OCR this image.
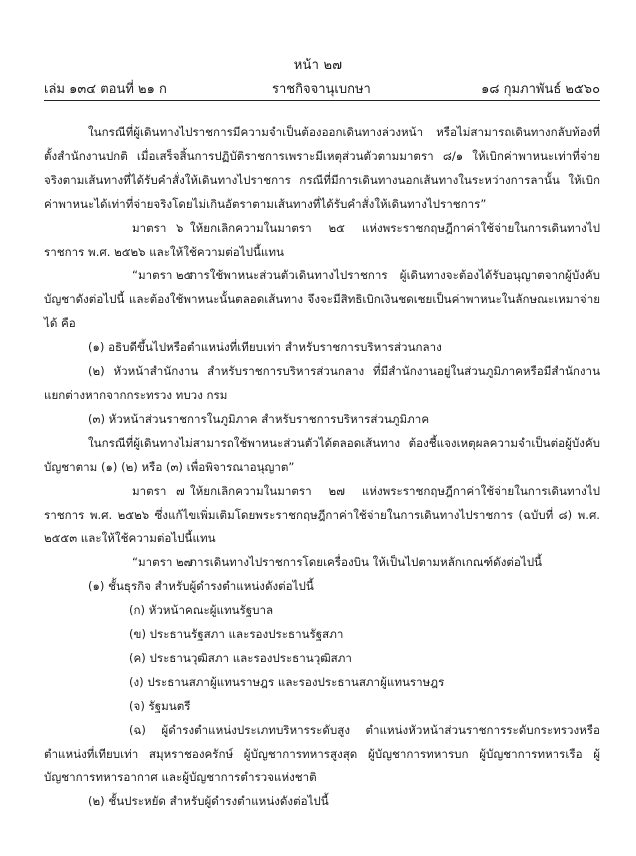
หน้า ๒๗
เล่ม ๑๓๔ ตอนที่ ๒๑ ก	ราชกิจจานุเบกษา	๑๘ กุมภาพันธ์ ๒๕๖๐

ในกรณีที่ผู้เดินทางไปราชการมีความจำเป็นต้องออกเดินทางล่วงหน้า หรือไม่สามารถเดินทางกลับท้องที่ตั้งสำนักงานปกติ เมื่อเสร็จสิ้นการปฏิบัติราชการเพราะมีเหตุส่วนตัวตามมาตรา ๘/๑ ให้เบิกค่าพาหนะเท่าที่จ่ายจริงตามเส้นทางที่ได้รับคำสั่งให้เดินทางไปราชการ กรณีที่มีการเดินทางนอกเส้นทางในระหว่างการลานั้น ให้เบิกค่าพาหนะได้เท่าที่จ่ายจริงโดยไม่เกินอัตราตามเส้นทางที่ได้รับคำสั่งให้เดินทางไปราชการ”

มาตรา ๖ ให้ยกเลิกความในมาตรา ๒๕ แห่งพระราชกฤษฎีกาค่าใช้จ่ายในการเดินทางไปราชการ พ.ศ. ๒๕๒๖ และให้ใช้ความต่อไปนี้แทน

“มาตรา ๒๕การใช้พาหนะส่วนตัวเดินทางไปราชการ ผู้เดินทางจะต้องได้รับอนุญาตจากผู้บังคับบัญชาดังต่อไปนี้ และต้องใช้พาหนะนั้นตลอดเส้นทาง จึงจะมีสิทธิเบิกเงินชดเชยเป็นค่าพาหนะในลักษณะเหมาจ่ายได้ คือ

(๑) อธิบดีขึ้นไปหรือตำแหน่งที่เทียบเท่า สำหรับราชการบริหารส่วนกลาง

(๒) หัวหน้าสำนักงาน สำหรับราชการบริหารส่วนกลาง ที่มีสำนักงานอยู่ในส่วนภูมิภาคหรือมีสำนักงานแยกต่างหากจากกระทรวง ทบวง กรม

(๓) หัวหน้าส่วนราชการในภูมิภาค สำหรับราชการบริหารส่วนภูมิภาค

ในกรณีที่ผู้เดินทางไม่สามารถใช้พาหนะส่วนตัวได้ตลอดเส้นทาง ต้องชี้แจงเหตุผลความจำเป็นต่อผู้บังคับบัญชาตาม (๑) (๒) หรือ (๓) เพื่อพิจารณาอนุญาต”

มาตรา ๗ ให้ยกเลิกความในมาตรา ๒๗ แห่งพระราชกฤษฎีกาค่าใช้จ่ายในการเดินทางไปราชการ พ.ศ. ๒๕๒๖ ซึ่งแก้ไขเพิ่มเติมโดยพระราชกฤษฎีกาค่าใช้จ่ายในการเดินทางไปราชการ (ฉบับที่ ๘) พ.ศ. ๒๕๕๓ และให้ใช้ความต่อไปนี้แทน

“มาตรา ๒๗การเดินทางไปราชการโดยเครื่องบิน ให้เป็นไปตามหลักเกณฑ์ดังต่อไปนี้

(๑) ชั้นธุรกิจ สำหรับผู้ดำรงตำแหน่งดังต่อไปนี้

(ก) หัวหน้าคณะผู้แทนรัฐบาล

(ข) ประธานรัฐสภา และรองประธานรัฐสภา

(ค) ประธานวุฒิสภา และรองประธานวุฒิสภา

(ง) ประธานสภาผู้แทนราษฎร และรองประธานสภาผู้แทนราษฎร

(จ) รัฐมนตรี

(ฉ) ผู้ดำรงตำแหน่งประเภทบริหารระดับสูง ตำแหน่งหัวหน้าส่วนราชการระดับกระทรวงหรือตำแหน่งที่เทียบเท่า สมุหราชองครักษ์ ผู้บัญชาการทหารสูงสุด ผู้บัญชาการทหารบก ผู้บัญชาการทหารเรือ ผู้บัญชาการทหารอากาศ และผู้บัญชาการตำรวจแห่งชาติ

(๒) ชั้นประหยัด สำหรับผู้ดำรงตำแหน่งดังต่อไปนี้
